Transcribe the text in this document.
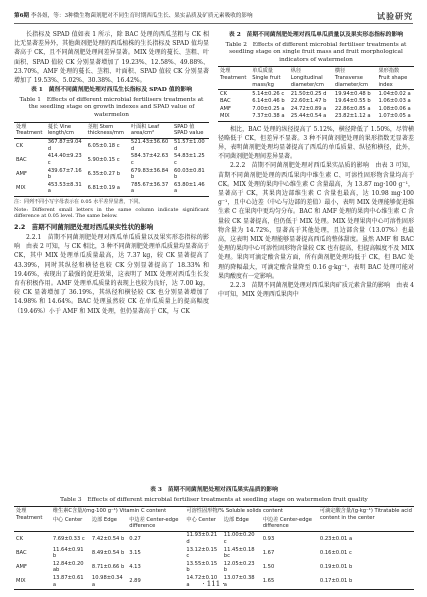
第6期 李各姐，等：3种微生物菌剂肥对不同生育时期西瓜生长、果实品质及矿质元素吸收的影响	试验研究

长指标及 SPAD 值如表 1 所示，除 BAC 处理的西瓜茎粗与 CK 相比无显著差异外，其他菌剂肥处理的西瓜植株的生长指标及 SPAD 值均显著高于 CK，且不同菌剂肥处理间差异显著。MIX 处理的蔓长、茎粗、叶面积、SPAD 值较 CK 分别显著增加了 19.23%、12.58%、49.88%、23.70%，AMF 处理的蔓长、茎粗、叶面积、SPAD 值较 CK 分别显著增加了 19.53%、5.02%、30.38%、16.42%。

表 1　菌剂不同菌剂肥处理对西瓜生长指标及 SPAD 值的影响
Table 1　Effects of different microbial fertilisers treatments at the seedling stage on growth indexes and SPAD value of watermelon
处理 Treatment	蔓长 Vine length/cm	茎粗 Stem thickness/mm	叶面积 Leaf area/cm²	SPAD 值 SPAD value
CK	367.87±9.04 d	6.05±0.18 c	521.43±36.60 d	51.57±1.00 d
BAC	414.40±9.23 c	5.90±0.15 c	584.37±42.63 c	54.83±1.25 c
AMF	439.67±7.16 b	6.35±0.27 b	679.83±36.84 b	60.03±0.81 b
MIX	453.53±8.31 a	6.81±0.19 a	785.67±36.37 a	63.80±1.46 a
注：同列不同小写字母表示在 0.05 水平差异显著，下同。
Note: Different small letters in the same column indicate significant difference at 0.05 level. The same below.
2.2　苗期不同菌剂肥处理对西瓜果实性状的影响

2.2.1　苗期不同菌剂肥处理对西瓜单瓜质量以及果实形态指标的影响　由表 2 可知，与 CK 相比，3 种不同菌剂肥处理单瓜质量均显著高于 CK，其中 MIX 处理单瓜质量最高，达 7.37 kg，较 CK 显著提高了 43.39%，同时其纵径和横径也较 CK 分别显著提高了 18.33% 和 19.46%，表现出了最强的促进效果，这表明了 MIX 处理对西瓜生长发育有积极作用。AMF 处理单瓜质量的表现上也较为良好，达 7.00 kg，较 CK 显著增加了 36.19%，其纵径和横径较 CK 也分别显著增加了 14.98% 和 14.64%。BAC 处理虽然较 CK 在单瓜质量上的提高幅度（19.46%）小于 AMF 和 MIX 处理，但仍显著高于 CK，与 CK

表 2　苗期不同菌剂肥处理对西瓜单瓜质量以及果实形态指标的影响
Table 2　Effects of different microbial fertiliser treatments at seedling stage on single fruit mass and fruit morphological indicators of watermelon
处理 Treatment	单瓜质量 Single fruit mass/kg	纵径 Longitudinal diameter/cm	横径 Transverse diameter/cm	果形指数 Fruit shape index
CK	5.14±0.26 c	21.50±0.25 d	19.94±0.48 b	1.04±0.02 a
BAC	6.14±0.46 b	22.60±1.47 b	19.64±0.55 b	1.06±0.03 a
AMF	7.00±0.25 a	24.72±0.89 a	22.86±0.85 a	1.08±0.06 a
MIX	7.37±0.38 a	25.44±0.54 a	23.82±1.12 a	1.07±0.05 a

相比，BAC 处理的纵径提高了 5.12%，横径降低了 1.50%，尽管横径略低于 CK，但差异不显著。3 种不同菌剂肥处理的果形指数无显著差异，表明菌剂肥处理均显著提高了西瓜的单瓜质量、纵径和横径，此外，不同菌剂肥处理间差异显著。

2.2.2　苗期不同菌剂肥处理对西瓜果实品质的影响　由表 3 可知，苗期不同菌剂肥处理的西瓜果肉中维生素 C、可溶性固形物含量均高于 CK。MIX 处理的果肉中心维生素 C 含量最高，为 13.87 mg·100 g⁻¹，显著高于 CK，其果肉边部维生素 C 含量也最高，达 10.98 mg·100 g⁻¹，且中心边差（中心与边部的差值）最小，表明 MIX 处理能够促进维生素 C 在果肉中更均匀分布。BAC 和 AMF 处理的果肉中心维生素 C 含量较 CK 显著提高，但仍低于 MIX 处理。MIX 处理果肉中心可溶性固形物含量为 14.72%，显著高于其他处理，且边部含量（13.07%）也最高，这表明 MIX 处理能够显著提高西瓜的整体甜度。虽然 AMF 和 BAC 处理的果肉中心可溶性固形物含量较 CK 也有提高，但提高幅度不及 MIX 处理。果肉可滴定酸含量方面，所有菌剂肥处理均低于 CK，但 BAC 处理的降幅最大，可滴定酸含量降至 0.16 g·kg⁻¹，表明 BAC 处理可能对果肉酸度有一定影响。

2.2.3　苗期不同菌剂肥处理对西瓜果肉矿质元素含量的影响　由表 4 中可知，MIX 处理西瓜果肉中

表 3　苗期不同菌剂肥处理对西瓜果实品质的影响
Table 3　Effects of different microbial fertiliser treatments at seedling stage on watermelon fruit quality
处理 Treatment	维生素C含量/(mg·100 g⁻¹) Vitamin C content			可溶性固形物/% Soluble solids content			可滴定酸含量/(g·kg⁻¹) Titratable acid content in the center
	中心 Center	边部 Edge	中边差 Center-edge difference	中心 Center	边部 Edge	中边差 Center-edge difference	
CK	7.69±0.33 c	7.42±0.54 b	0.27	11.93±0.21 d	11.00±0.20 c	0.93	0.23±0.01 a
BAC	11.64±0.91 b	8.49±0.54 b	3.15	13.12±0.15 c	11.45±0.18 bc	1.67	0.16±0.01 c
AMF	12.84±0.20 ab	8.71±0.66 b	4.13	13.55±0.15 b	12.05±0.23 b	1.50	0.19±0.01 b
MIX	13.87±0.61 a	10.98±0.34 a	2.89	14.72±0.10 a	13.07±0.38 a	1.65	0.17±0.01 b
· 111 ·
